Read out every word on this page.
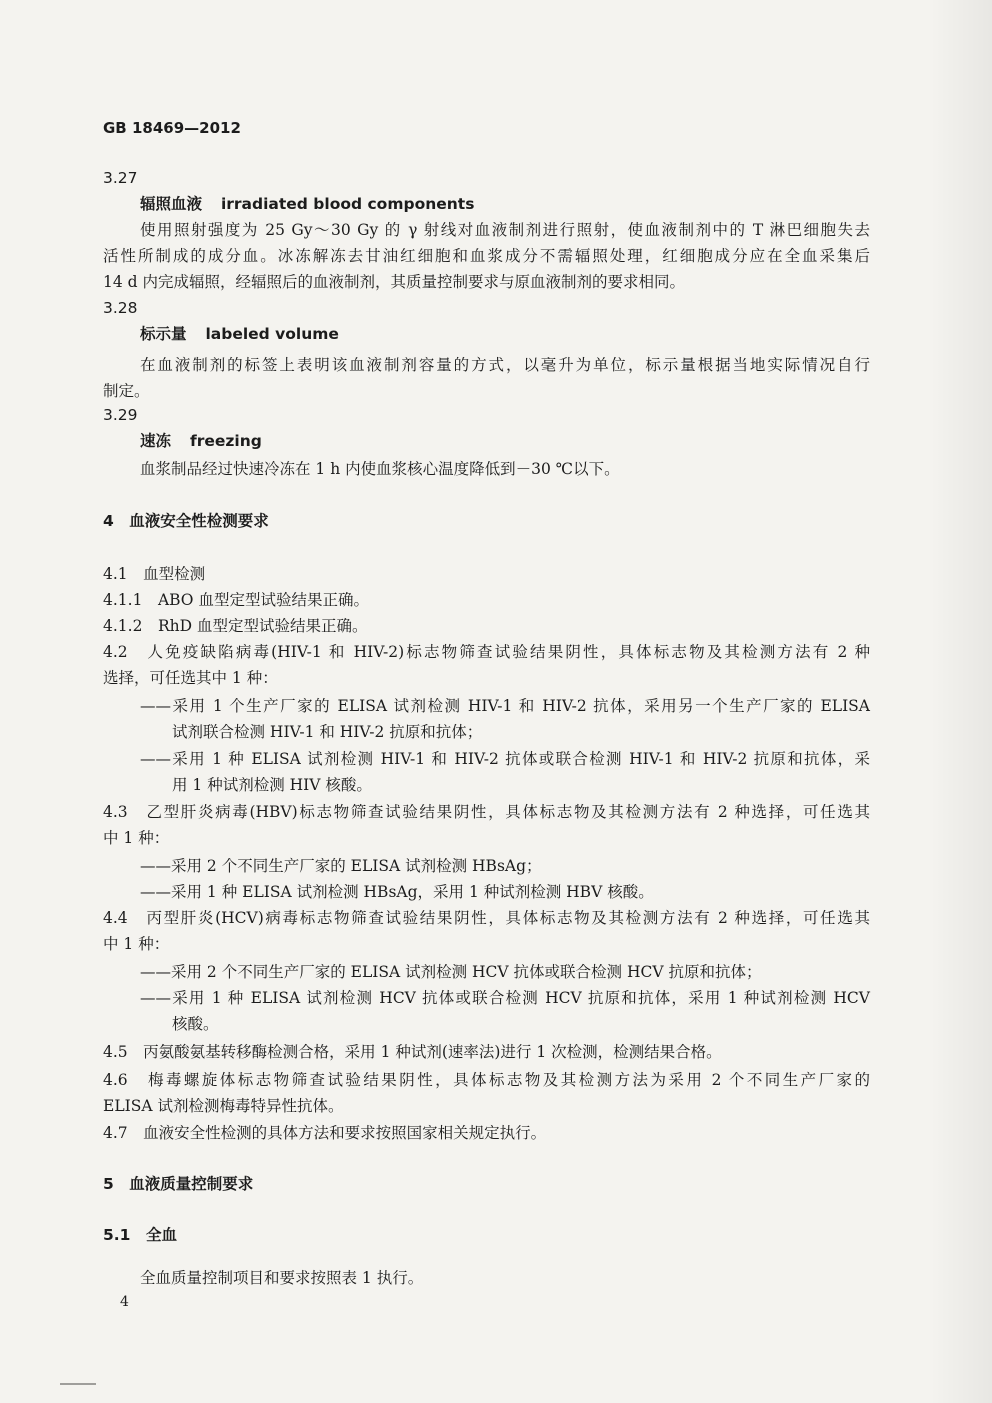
GB 18469—2012
3.27
辐照血液 irradiated blood components
使用照射强度为 25 Gy～30 Gy 的 γ 射线对血液制剂进行照射，使血液制剂中的 T 淋巴细胞失去
活性所制成的成分血。冰冻解冻去甘油红细胞和血浆成分不需辐照处理，红细胞成分应在全血采集后
14 d 内完成辐照，经辐照后的血液制剂，其质量控制要求与原血液制剂的要求相同。
3.28
标示量 labeled volume
在血液制剂的标签上表明该血液制剂容量的方式，以毫升为单位，标示量根据当地实际情况自行
制定。
3.29
速冻 freezing
血浆制品经过快速冷冻在 1 h 内使血浆核心温度降低到－30 ℃以下。
4　血液安全性检测要求
4.1　血型检测
4.1.1　ABO 血型定型试验结果正确。
4.1.2　RhD 血型定型试验结果正确。
4.2　人免疫缺陷病毒(HIV-1 和 HIV-2)标志物筛查试验结果阴性，具体标志物及其检测方法有 2 种
选择，可任选其中 1 种：
——采用 1 个生产厂家的 ELISA 试剂检测 HIV-1 和 HIV-2 抗体，采用另一个生产厂家的 ELISA
试剂联合检测 HIV-1 和 HIV-2 抗原和抗体；
——采用 1 种 ELISA 试剂检测 HIV-1 和 HIV-2 抗体或联合检测 HIV-1 和 HIV-2 抗原和抗体，采
用 1 种试剂检测 HIV 核酸。
4.3　乙型肝炎病毒(HBV)标志物筛查试验结果阴性，具体标志物及其检测方法有 2 种选择，可任选其
中 1 种：
——采用 2 个不同生产厂家的 ELISA 试剂检测 HBsAg；
——采用 1 种 ELISA 试剂检测 HBsAg，采用 1 种试剂检测 HBV 核酸。
4.4　丙型肝炎(HCV)病毒标志物筛查试验结果阴性，具体标志物及其检测方法有 2 种选择，可任选其
中 1 种：
——采用 2 个不同生产厂家的 ELISA 试剂检测 HCV 抗体或联合检测 HCV 抗原和抗体；
——采用 1 种 ELISA 试剂检测 HCV 抗体或联合检测 HCV 抗原和抗体，采用 1 种试剂检测 HCV
核酸。
4.5　丙氨酸氨基转移酶检测合格，采用 1 种试剂(速率法)进行 1 次检测，检测结果合格。
4.6　梅毒螺旋体标志物筛查试验结果阴性，具体标志物及其检测方法为采用 2 个不同生产厂家的
ELISA 试剂检测梅毒特异性抗体。
4.7　血液安全性检测的具体方法和要求按照国家相关规定执行。
5　血液质量控制要求
5.1　全血
全血质量控制项目和要求按照表 1 执行。
4
